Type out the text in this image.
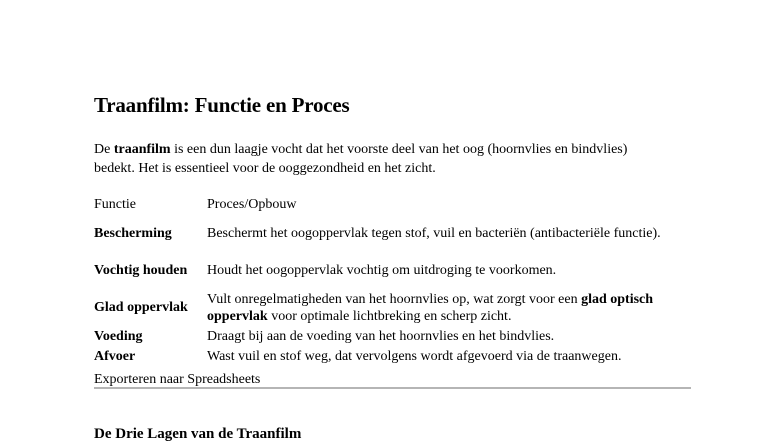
Traanfilm: Functie en Proces

De traanfilm is een dun laagje vocht dat het voorste deel van het oog (hoornvlies en bindvlies) bedekt. Het is essentieel voor de ooggezondheid en het zicht.

Functie	Proces/Opbouw
Bescherming	Beschermt het oogoppervlak tegen stof, vuil en bacteriën (antibacteriële functie).
Vochtig houden	Houdt het oogoppervlak vochtig om uitdroging te voorkomen.
Glad oppervlak	Vult onregelmatigheden van het hoornvlies op, wat zorgt voor een glad optisch oppervlak voor optimale lichtbreking en scherp zicht.
Voeding	Draagt bij aan de voeding van het hoornvlies en het bindvlies.
Afvoer	Wast vuil en stof weg, dat vervolgens wordt afgevoerd via de traanwegen.
Exporteren naar Spreadsheets
De Drie Lagen van de Traanfilm
